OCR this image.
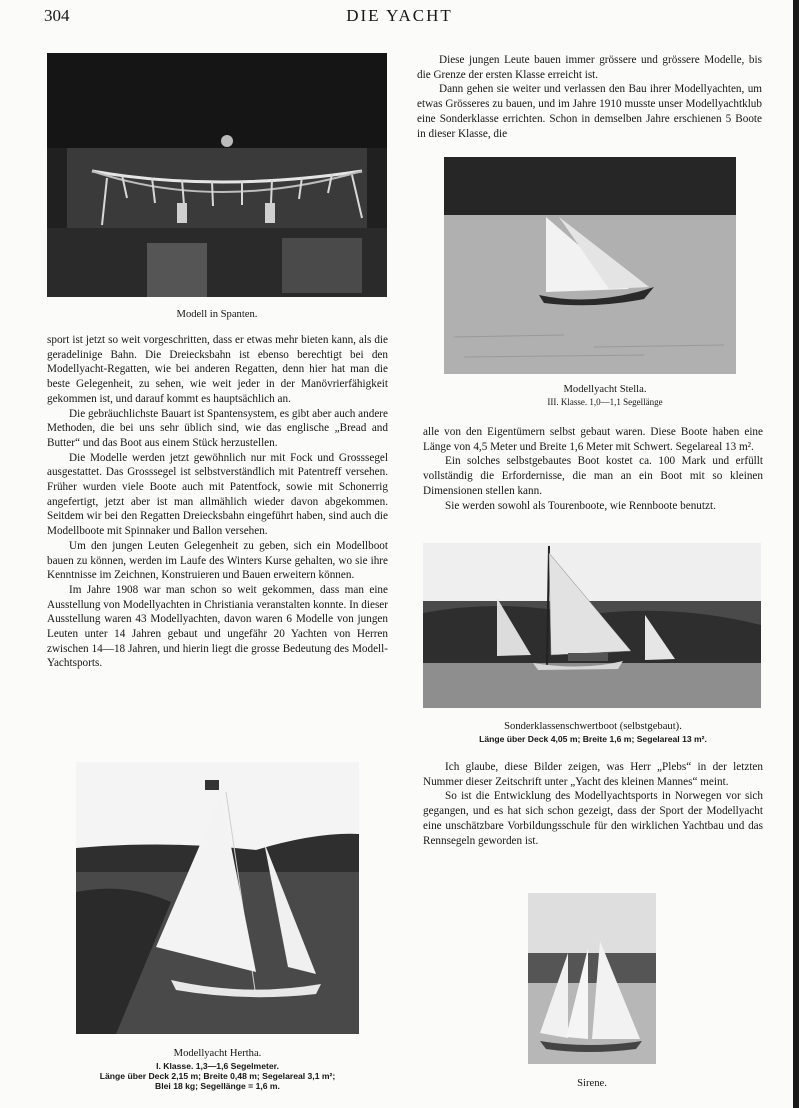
304	DIE YACHT
Modell in Spanten.

Diese jungen Leute bauen immer grössere und grössere Modelle, bis die Grenze der ersten Klasse erreicht ist.

Dann gehen sie weiter und verlassen den Bau ihrer Modellyachten, um etwas Grösseres zu bauen, und im Jahre 1910 musste unser Modellyachtklub eine Sonderklasse errichten. Schon in demselben Jahre erschienen 5 Boote in dieser Klasse, die

Modellyacht Stella.
III. Klasse. 1,0—1,1 Segellänge

sport ist jetzt so weit vorgeschritten, dass er etwas mehr bieten kann, als die geradelinige Bahn. Die Dreiecksbahn ist ebenso berechtigt bei den Modellyacht-Regatten, wie bei anderen Regatten, denn hier hat man die beste Gelegenheit, zu sehen, wie weit jeder in der Manövrierfähigkeit gekommen ist, und darauf kommt es hauptsächlich an.

Die gebräuchlichste Bauart ist Spantensystem, es gibt aber auch andere Methoden, die bei uns sehr üblich sind, wie das englische „Bread and Butter“ und das Boot aus einem Stück herzustellen.

Die Modelle werden jetzt gewöhnlich nur mit Fock und Grosssegel ausgestattet. Das Grosssegel ist selbstverständlich mit Patentreff versehen. Früher wurden viele Boote auch mit Patentfock, sowie mit Schonerrig angefertigt, jetzt aber ist man allmählich wieder davon abgekommen. Seitdem wir bei den Regatten Dreiecksbahn eingeführt haben, sind auch die Modellboote mit Spinnaker und Ballon versehen.

Um den jungen Leuten Gelegenheit zu geben, sich ein Modellboot bauen zu können, werden im Laufe des Winters Kurse gehalten, wo sie ihre Kenntnisse im Zeichnen, Konstruieren und Bauen erweitern können.

Im Jahre 1908 war man schon so weit gekommen, dass man eine Ausstellung von Modellyachten in Christiania veranstalten konnte. In dieser Ausstellung waren 43 Modellyachten, davon waren 6 Modelle von jungen Leuten unter 14 Jahren gebaut und ungefähr 20 Yachten von Herren zwischen 14—18 Jahren, und hierin liegt die grosse Bedeutung des Modell-Yachtsports.

alle von den Eigentümern selbst gebaut waren. Diese Boote haben eine Länge von 4,5 Meter und Breite 1,6 Meter mit Schwert. Segelareal 13 m².

Ein solches selbstgebautes Boot kostet ca. 100 Mark und erfüllt vollständig die Erfordernisse, die man an ein Boot mit so kleinen Dimensionen stellen kann.

Sie werden sowohl als Tourenboote, wie Rennboote benutzt.

Sonderklassenschwertboot (selbstgebaut).
Länge über Deck 4,05 m; Breite 1,6 m; Segelareal 13 m².

Ich glaube, diese Bilder zeigen, was Herr „Plebs“ in der letzten Nummer dieser Zeitschrift unter „Yacht des kleinen Mannes“ meint.

So ist die Entwicklung des Modellyachtsports in Norwegen vor sich gegangen, und es hat sich schon gezeigt, dass der Sport der Modellyacht eine unschätzbare Vorbildungsschule für den wirklichen Yachtbau und das Rennsegeln geworden ist.

Modellyacht Hertha.
I. Klasse. 1,3—1,6 Segelmeter.
Länge über Deck 2,15 m; Breite 0,48 m; Segelareal 3,1 m²;
Blei 18 kg; Segellänge = 1,6 m.	Sirene.
